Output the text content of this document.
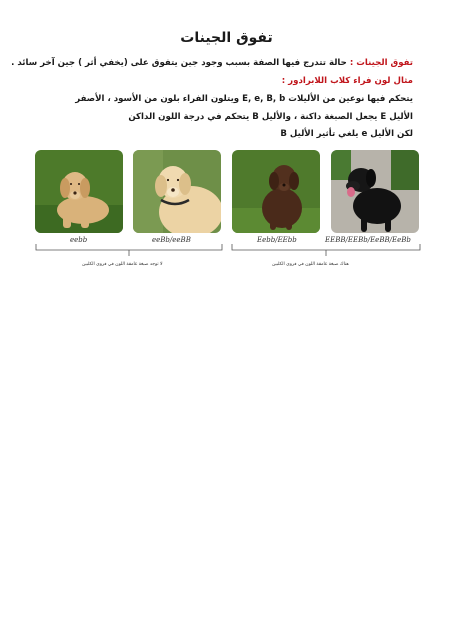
تفوق الجينات
تفوق الجينات : حالة تتدرج فيها الصفة بسبب وجود جين يتفوق على (يخفي أثر ) جين آخر سائد .
مثال لون فراء كلاب اللابرادور :
يتحكم فيها نوعين من الأليلات E, e, B, b ويتلون الفراء بلون من الأسود ، الأصفر
الأليل E يجعل الصبغة داكنة ، والأليل B يتحكم في درجة اللون الداكن
لكن الأليل e يلغي تأثير الأليل B
eebb	eeBb/eeBB	Eebb/EEbb	EEBB/EEBb/EeBB/EeBb
لا توجد صبغة غامقة اللون في فروي الكلبين	هناك صبغة غامقة اللون في فروي الكلبين
